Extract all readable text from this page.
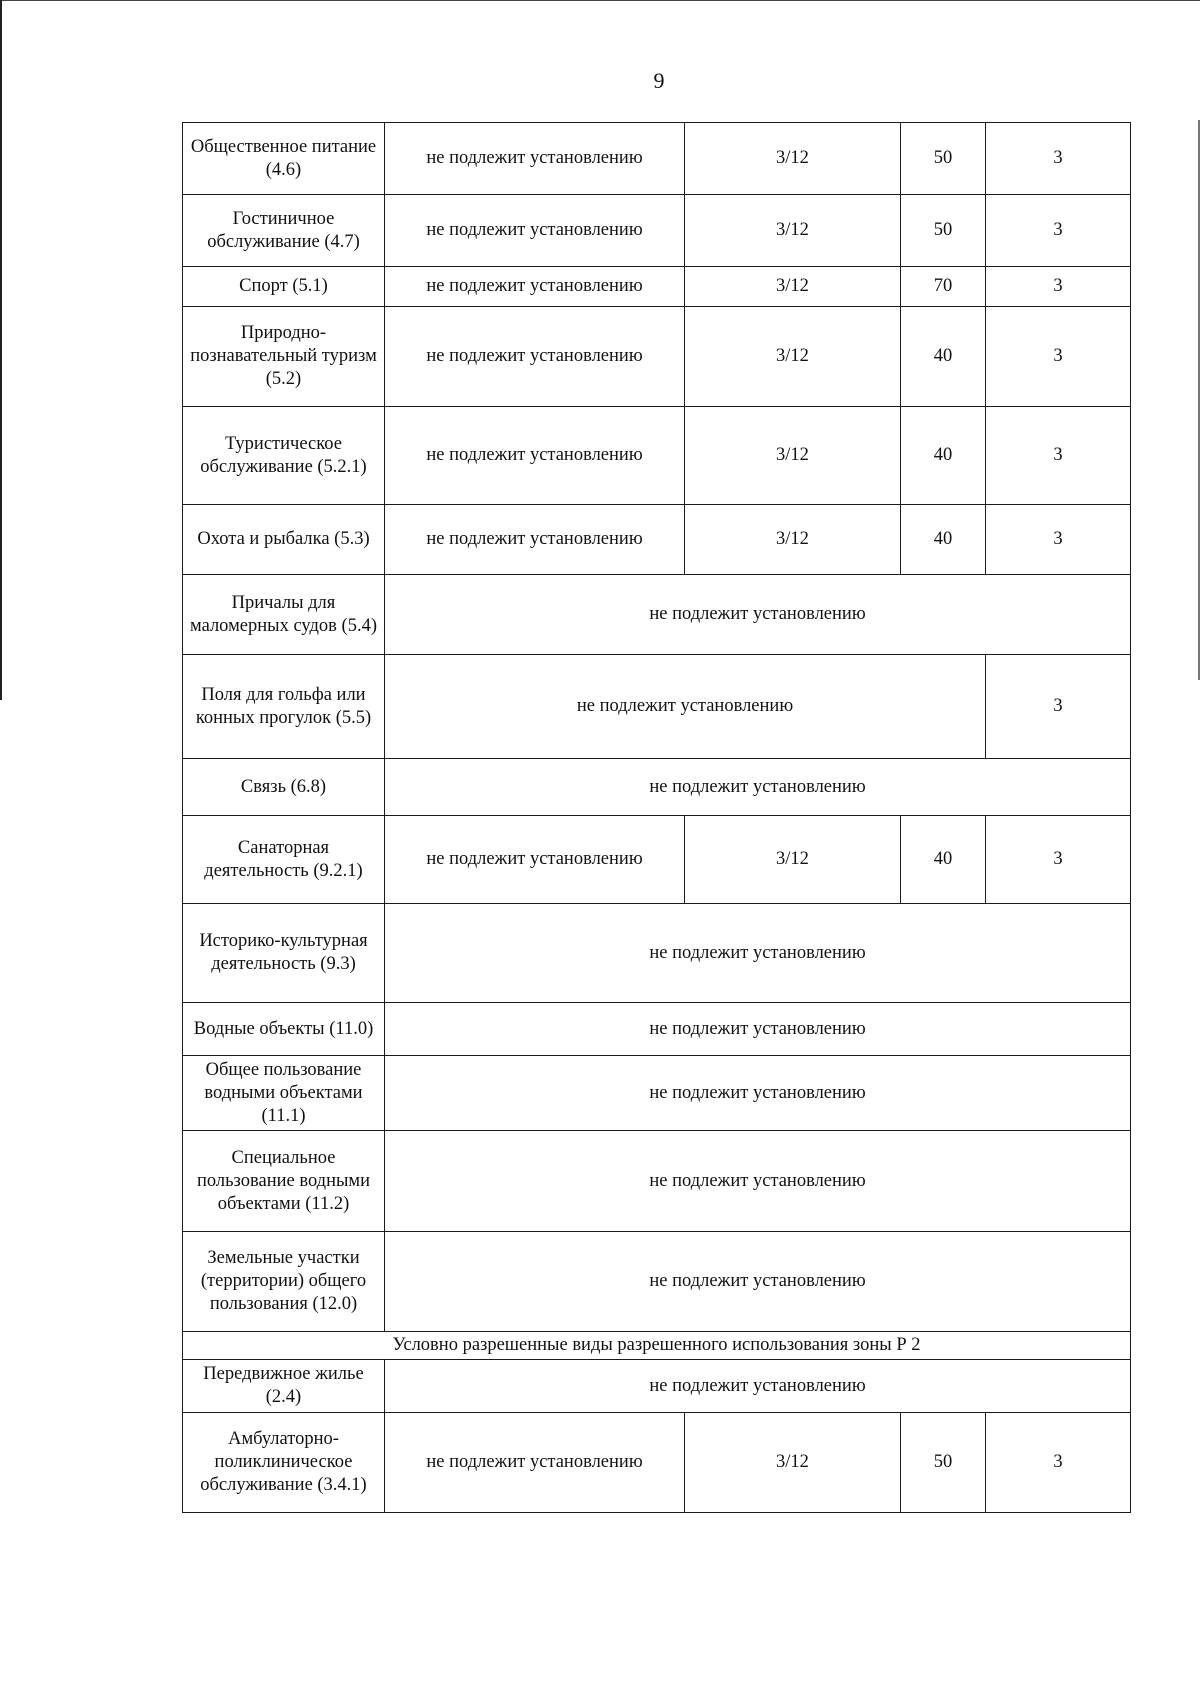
9
Общественное питание (4.6)	не подлежит установлению	3/12	50	3
Гостиничное обслуживание (4.7)	не подлежит установлению	3/12	50	3
Спорт (5.1)	не подлежит установлению	3/12	70	3
Природно-познавательный туризм (5.2)	не подлежит установлению	3/12	40	3
Туристическое обслуживание (5.2.1)	не подлежит установлению	3/12	40	3
Охота и рыбалка (5.3)	не подлежит установлению	3/12	40	3
Причалы для маломерных судов (5.4)	не подлежит установлению			
Поля для гольфа или конных прогулок (5.5)	не подлежит установлению			3
Связь (6.8)	не подлежит установлению			
Санаторная деятельность (9.2.1)	не подлежит установлению	3/12	40	3
Историко-культурная деятельность (9.3)	не подлежит установлению			
Водные объекты (11.0)	не подлежит установлению			
Общее пользование водными объектами (11.1)	не подлежит установлению			
Специальное пользование водными объектами (11.2)	не подлежит установлению			
Земельные участки (территории) общего пользования (12.0)	не подлежит установлению			
Условно разрешенные виды разрешенного использования зоны Р 2				
Передвижное жилье (2.4)	не подлежит установлению			
Амбулаторно-поликлиническое обслуживание (3.4.1)	не подлежит установлению	3/12	50	3
